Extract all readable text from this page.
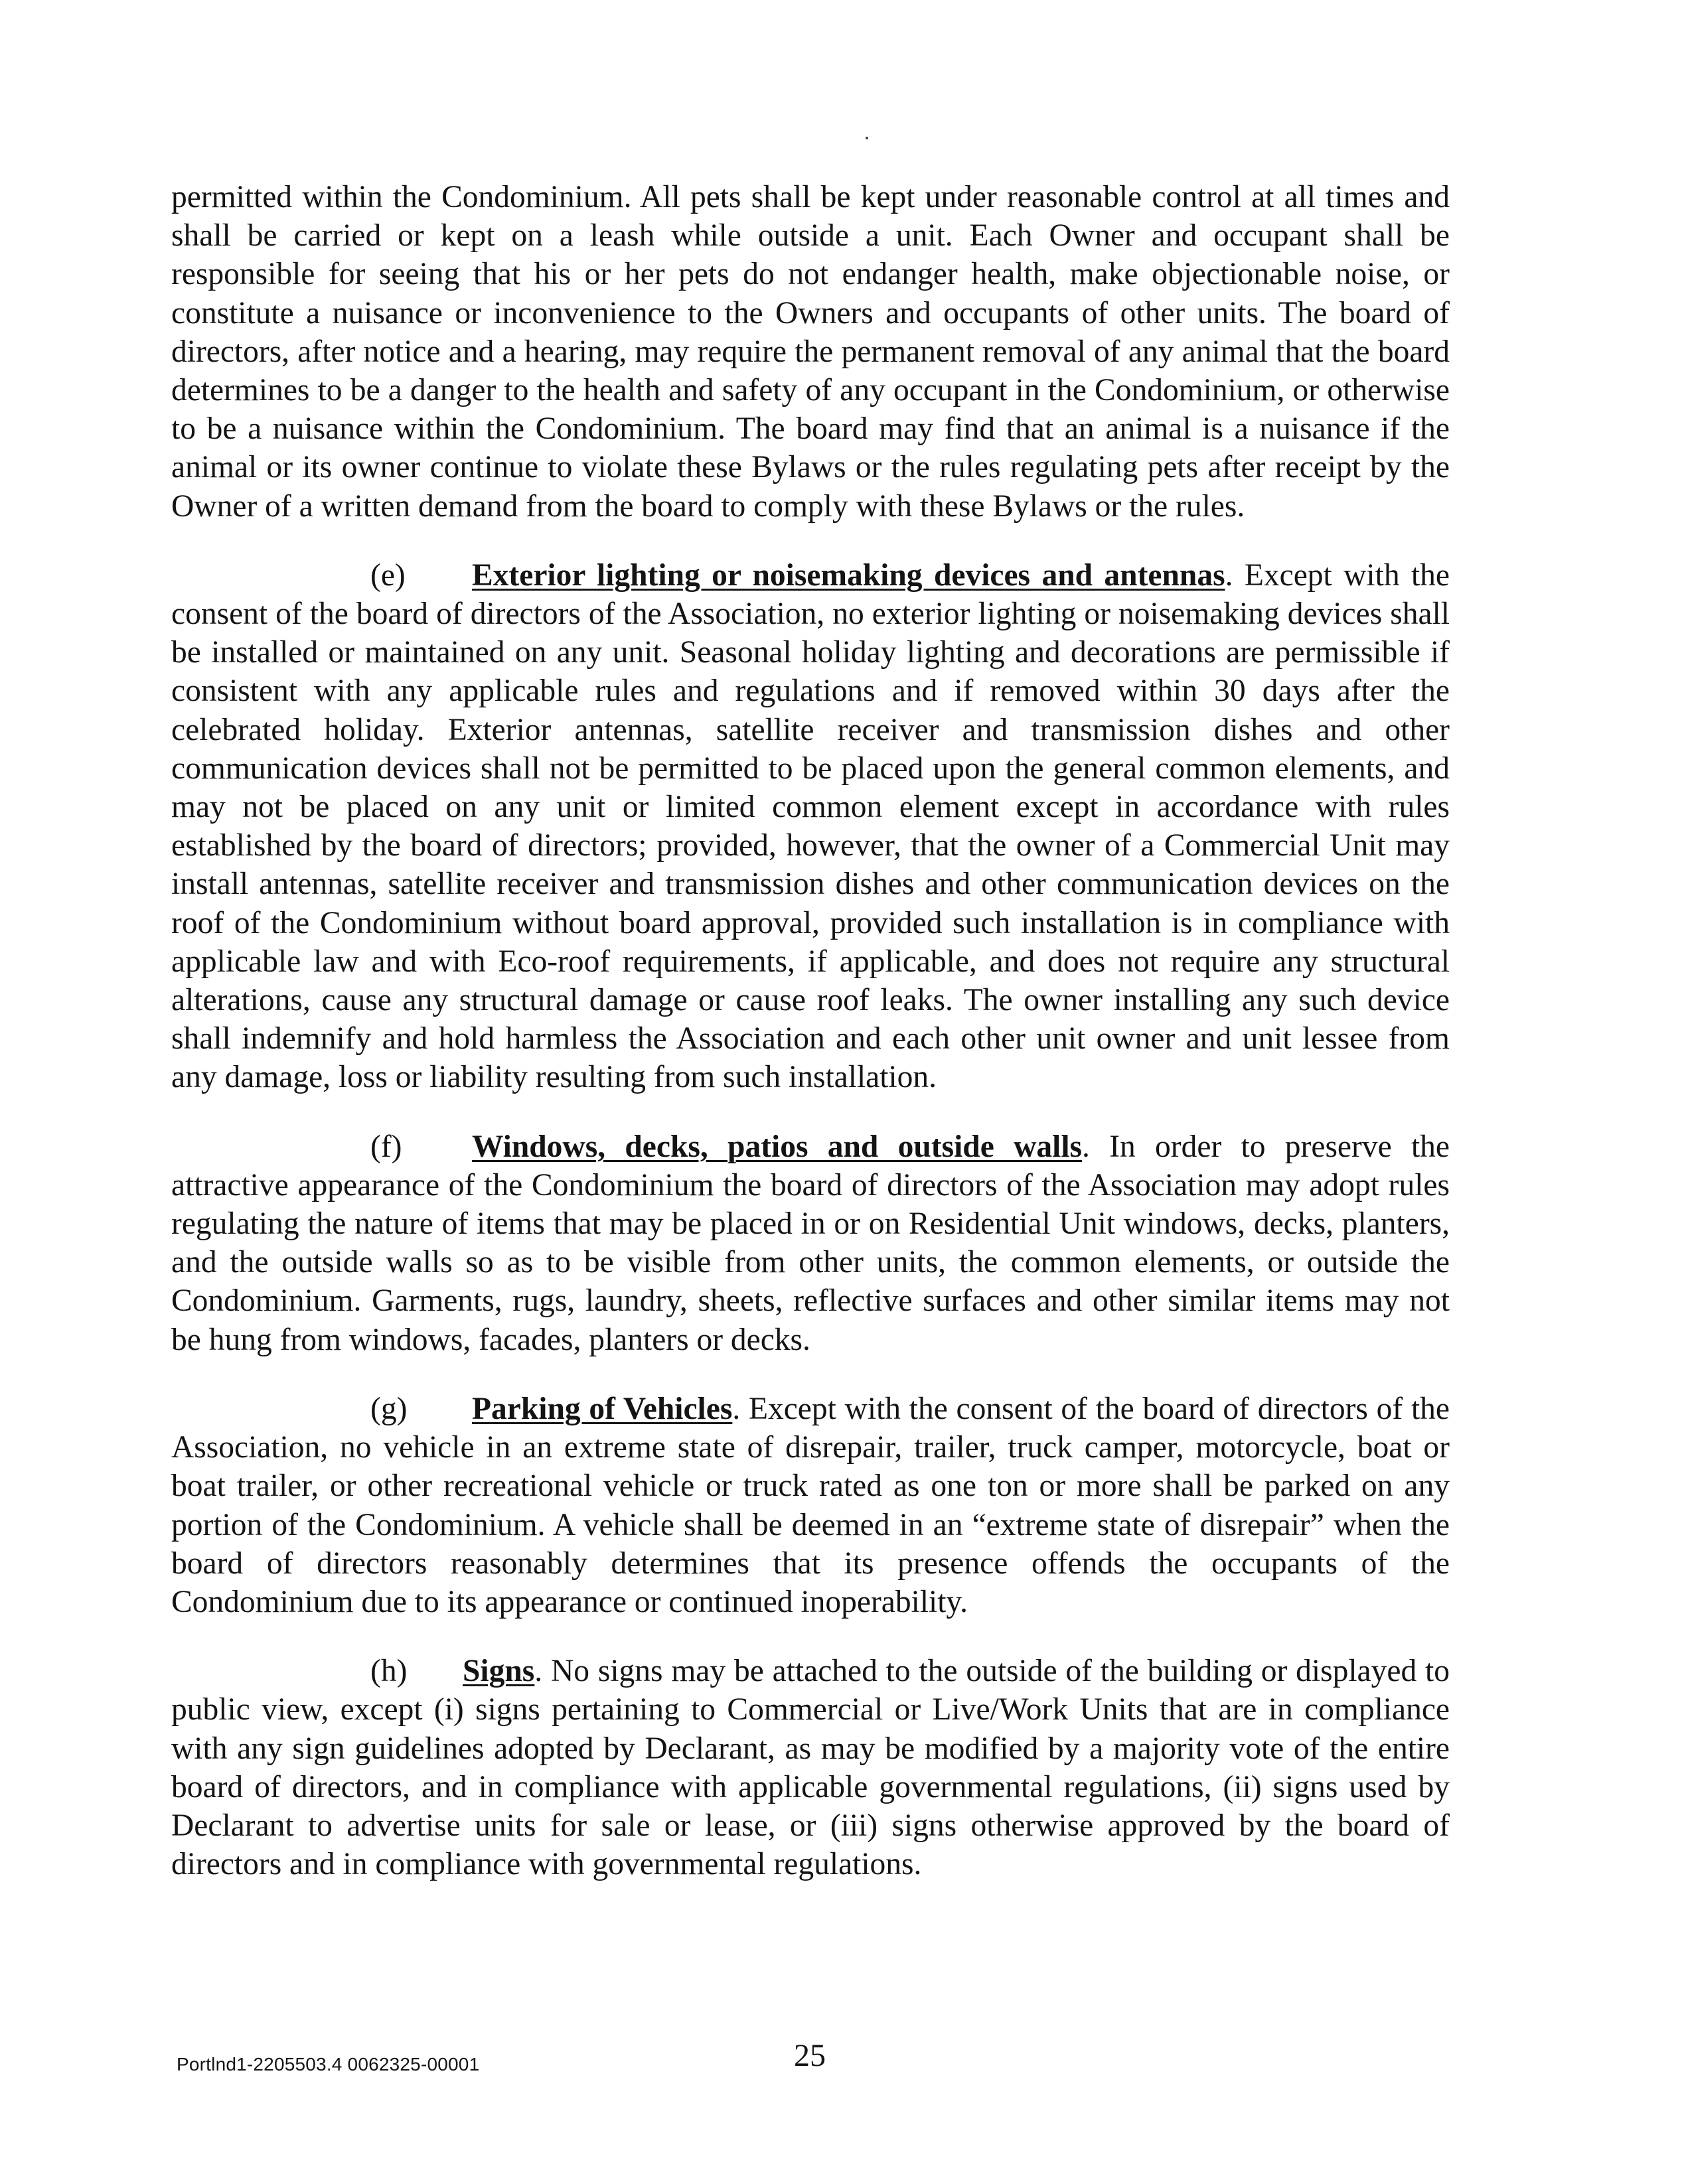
permitted within the Condominium. All pets shall be kept under reasonable control at all times and shall be carried or kept on a leash while outside a unit. Each Owner and occupant shall be responsible for seeing that his or her pets do not endanger health, make objectionable noise, or constitute a nuisance or inconvenience to the Owners and occupants of other units. The board of directors, after notice and a hearing, may require the permanent removal of any animal that the board determines to be a danger to the health and safety of any occupant in the Condominium, or otherwise to be a nuisance within the Condominium. The board may find that an animal is a nuisance if the animal or its owner continue to violate these Bylaws or the rules regulating pets after receipt by the Owner of a written demand from the board to comply with these Bylaws or the rules.

(e) Exterior lighting or noisemaking devices and antennas. Except with the consent of the board of directors of the Association, no exterior lighting or noisemaking devices shall be installed or maintained on any unit. Seasonal holiday lighting and decorations are permissible if consistent with any applicable rules and regulations and if removed within 30 days after the celebrated holiday. Exterior antennas, satellite receiver and transmission dishes and other communication devices shall not be permitted to be placed upon the general common elements, and may not be placed on any unit or limited common element except in accordance with rules established by the board of directors; provided, however, that the owner of a Commercial Unit may install antennas, satellite receiver and transmission dishes and other communication devices on the roof of the Condominium without board approval, provided such installation is in compliance with applicable law and with Eco-roof requirements, if applicable, and does not require any structural alterations, cause any structural damage or cause roof leaks. The owner installing any such device shall indemnify and hold harmless the Association and each other unit owner and unit lessee from any damage, loss or liability resulting from such installation.

(f) Windows, decks, patios and outside walls. In order to preserve the attractive appearance of the Condominium the board of directors of the Association may adopt rules regulating the nature of items that may be placed in or on Residential Unit windows, decks, planters, and the outside walls so as to be visible from other units, the common elements, or outside the Condominium. Garments, rugs, laundry, sheets, reflective surfaces and other similar items may not be hung from windows, facades, planters or decks.

(g) Parking of Vehicles. Except with the consent of the board of directors of the Association, no vehicle in an extreme state of disrepair, trailer, truck camper, motorcycle, boat or boat trailer, or other recreational vehicle or truck rated as one ton or more shall be parked on any portion of the Condominium. A vehicle shall be deemed in an “extreme state of disrepair” when the board of directors reasonably determines that its presence offends the occupants of the Condominium due to its appearance or continued inoperability.

(h) Signs. No signs may be attached to the outside of the building or displayed to public view, except (i) signs pertaining to Commercial or Live/Work Units that are in compliance with any sign guidelines adopted by Declarant, as may be modified by a majority vote of the entire board of directors, and in compliance with applicable governmental regulations, (ii) signs used by Declarant to advertise units for sale or lease, or (iii) signs otherwise approved by the board of directors and in compliance with governmental regulations.

Portlnd1-2205503.4 0062325-00001	25
